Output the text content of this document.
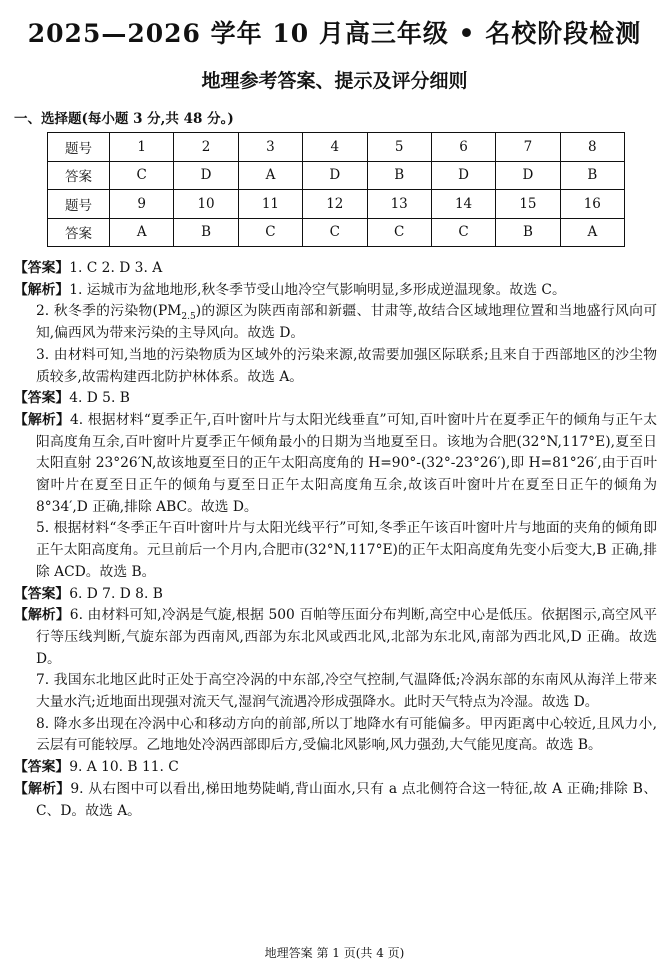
2025—2026 学年 10 月高三年级 • 名校阶段检测
地理参考答案、提示及评分细则
一、选择题(每小题 3 分,共 48 分。)
题号	1	2	3	4	5	6	7	8
答案	C	D	A	D	B	D	D	B
题号	9	10	11	12	13	14	15	16
答案	A	B	C	C	C	C	B	A

【答案】1. C 2. D 3. A

【解析】1. 运城市为盆地地形,秋冬季节受山地冷空气影响明显,多形成逆温现象。故选 C。

2. 秋冬季的污染物$(PM_{2.5})$的源区为陕西南部和新疆、甘肃等,故结合区域地理位置和当地盛行风向可知,偏西风为带来污染的主导风向。故选 D。

3. 由材料可知,当地的污染物质为区域外的污染来源,故需要加强区际联系;且来自于西部地区的沙尘物质较多,故需构建西北防护林体系。故选 A。

【答案】4. D 5. B

【解析】4. 根据材料“夏季正午,百叶窗叶片与太阳光线垂直”可知,百叶窗叶片在夏季正午的倾角与正午太阳高度角互余,百叶窗叶片夏季正午倾角最小的日期为当地夏至日。该地为合肥(32°N,117°E),夏至日太阳直射 23°26′N,故该地夏至日的正午太阳高度角的 H=90°-(32°-23°26′),即 H=81°26′,由于百叶窗叶片在夏至日正午的倾角与夏至日正午太阳高度角互余,故该百叶窗叶片在夏至日正午的倾角为 8°34′,D 正确,排除 ABC。故选 D。

5. 根据材料“冬季正午百叶窗叶片与太阳光线平行”可知,冬季正午该百叶窗叶片与地面的夹角的倾角即正午太阳高度角。元旦前后一个月内,合肥市(32°N,117°E)的正午太阳高度角先变小后变大,B 正确,排除 ACD。故选 B。

【答案】6. D 7. D 8. B

【解析】6. 由材料可知,冷涡是气旋,根据 500 百帕等压面分布判断,高空中心是低压。依据图示,高空风平行等压线判断,气旋东部为西南风,西部为东北风或西北风,北部为东北风,南部为西北风,D 正确。故选 D。

7. 我国东北地区此时正处于高空冷涡的中东部,冷空气控制,气温降低;冷涡东部的东南风从海洋上带来大量水汽;近地面出现强对流天气,湿润气流遇冷形成强降水。此时天气特点为冷湿。故选 D。

8. 降水多出现在冷涡中心和移动方向的前部,所以丁地降水有可能偏多。甲丙距离中心较近,且风力小,云层有可能较厚。乙地地处冷涡西部即后方,受偏北风影响,风力强劲,大气能见度高。故选 B。

【答案】9. A 10. B 11. C

【解析】9. 从右图中可以看出,梯田地势陡峭,背山面水,只有 a 点北侧符合这一特征,故 A 正确;排除 B、C、D。故选 A。

地理答案 第 1 页(共 4 页)
